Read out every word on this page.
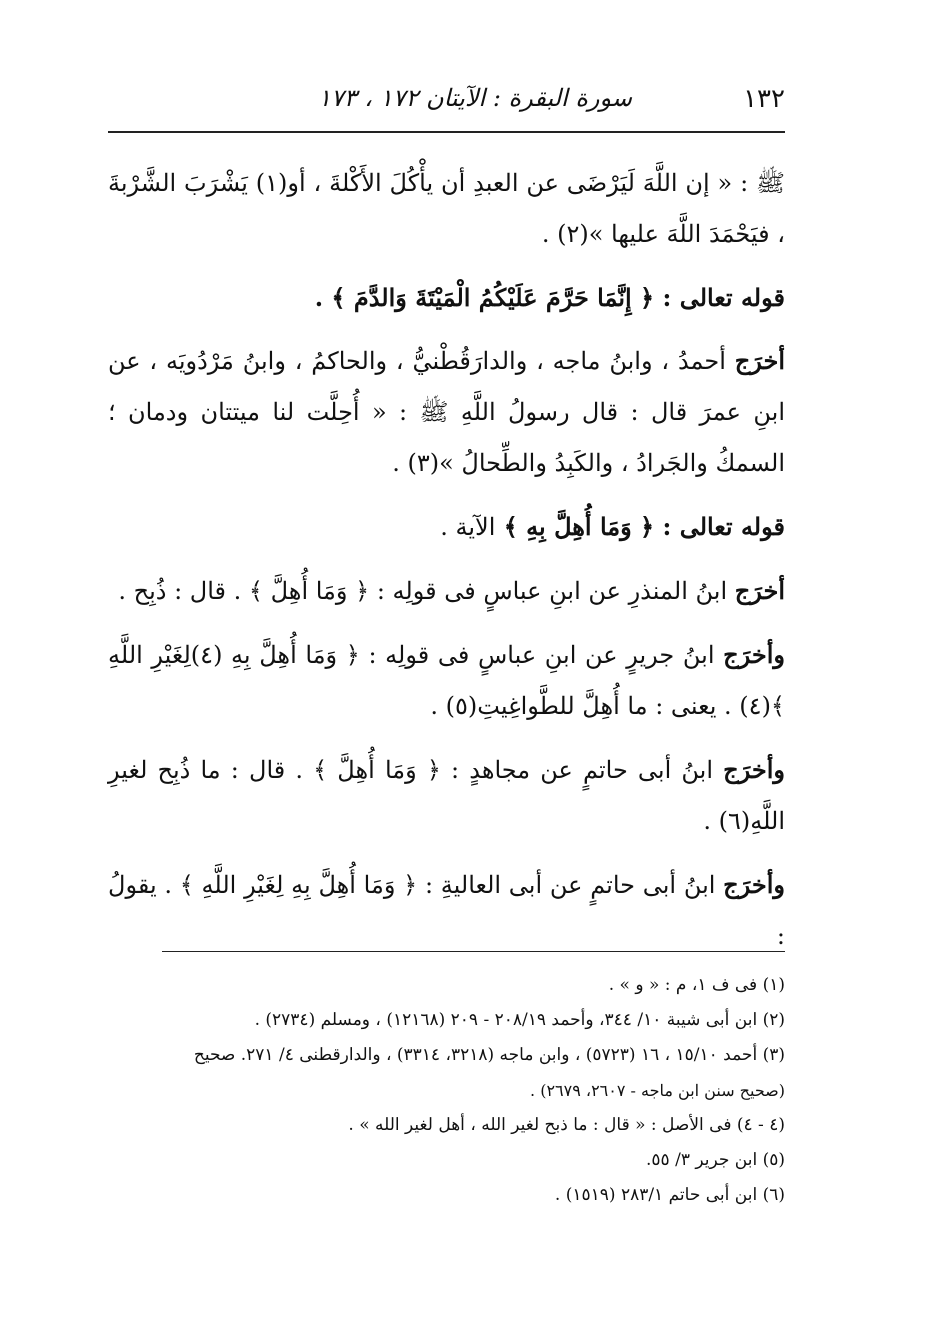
١٣٢
سورة البقرة : الآيتان ١٧٢ ، ١٧٣

ﷺ : « إن اللَّهَ لَيَرْضَى عن العبدِ أن يأْكُلَ الأَكْلةَ ، أو(١) يَشْرَبَ الشَّرْبةَ ، فيَحْمَدَ اللَّهَ عليها »(٢) .

قوله تعالى : ﴿ إِنَّمَا حَرَّمَ عَلَيْكُمُ الْمَيْتَةَ وَالدَّمَ ﴾ .

أخرَج أحمدُ ، وابنُ ماجه ، والدارَقُطْنيُّ ، والحاكمُ ، وابنُ مَرْدُويَه ، عن ابنِ عمرَ قال : قال رسولُ اللَّهِ ﷺ : « أُحِلَّت لنا ميتتان ودمان ؛ السمكُ والجَرادُ ، والكَبِدُ والطِّحالُ »(٣) .

قوله تعالى : ﴿ وَمَا أُهِلَّ بِهِ ﴾ الآية .

أخرَج ابنُ المنذرِ عن ابنِ عباسٍ فى قولِه : ﴿ وَمَا أُهِلَّ ﴾ . قال : ذُبِح .

وأخرَج ابنُ جريرٍ عن ابنِ عباسٍ فى قولِه : ﴿ وَمَا أُهِلَّ بِهِ (٤)لِغَيْرِ اللَّهِ ﴾(٤) . يعنى : ما أُهِلَّ للطَّواغِيتِ(٥) .

وأخرَج ابنُ أبى حاتمٍ عن مجاهدٍ : ﴿ وَمَا أُهِلَّ ﴾ . قال : ما ذُبِح لغيرِ اللَّهِ(٦) .

وأخرَج ابنُ أبى حاتمٍ عن أبى العاليةِ : ﴿ وَمَا أُهِلَّ بِهِ لِغَيْرِ اللَّهِ ﴾ . يقولُ :

(١) فى ف ١، م : « و » .

(٢) ابن أبى شيبة ١٠/ ٣٤٤، وأحمد ٢٠٨/١٩ - ٢٠٩ (١٢١٦٨) ، ومسلم (٢٧٣٤) .

(٣) أحمد ١٥/١٠ ، ١٦ (٥٧٢٣) ، وابن ماجه (٣٢١٨، ٣٣١٤) ، والدارقطنى ٤/ ٢٧١. صحيح

(صحيح سنن ابن ماجه - ٢٦٠٧، ٢٦٧٩) .

(٤ - ٤) فى الأصل : « قال : ما ذبح لغير الله ، أهل لغير الله » .

(٥) ابن جرير ٣/ ٥٥.

(٦) ابن أبى حاتم ٢٨٣/١ (١٥١٩) .
